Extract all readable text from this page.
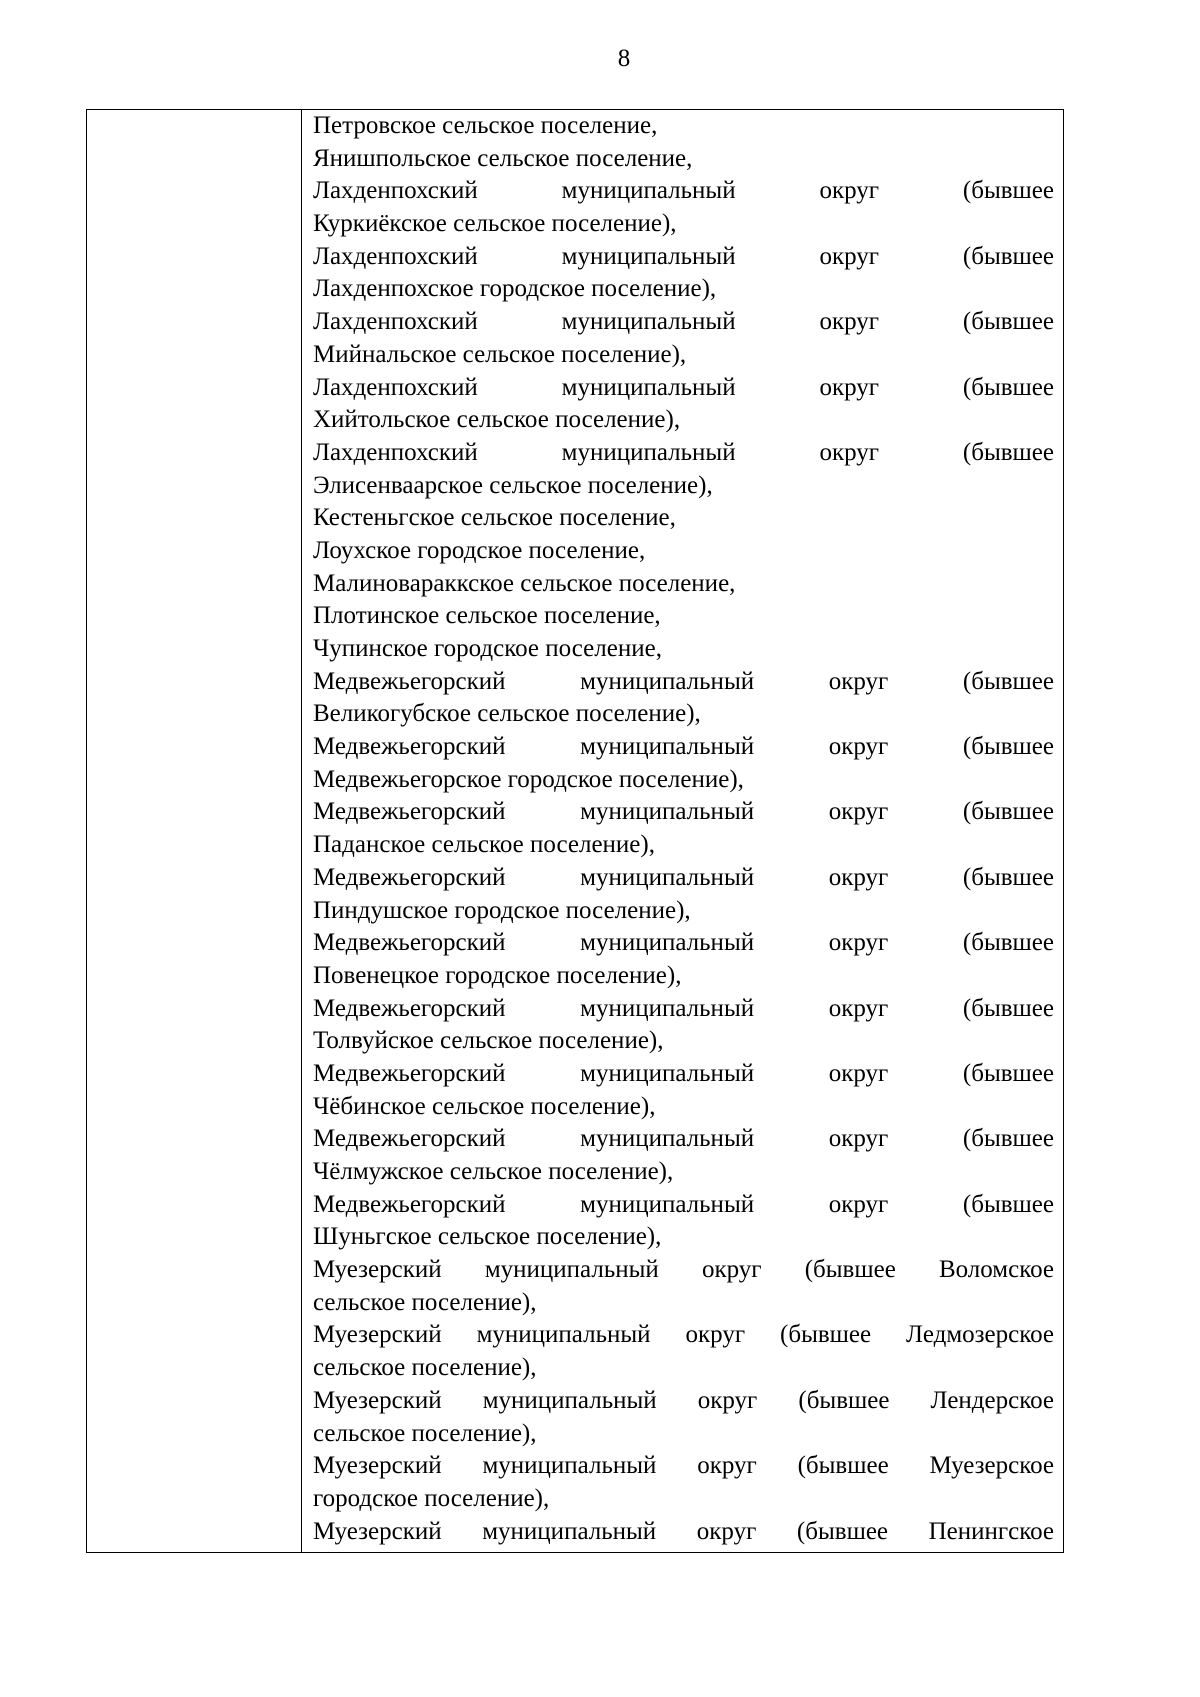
8
Петровское сельское поселение,
Янишпольское сельское поселение,
Лахденпохский муниципальный округ (бывшее
Куркиёкское сельское поселение),
Лахденпохский муниципальный округ (бывшее
Лахденпохское городское поселение),
Лахденпохский муниципальный округ (бывшее
Мийнальское сельское поселение),
Лахденпохский муниципальный округ (бывшее
Хийтольское сельское поселение),
Лахденпохский муниципальный округ (бывшее
Элисенваарское сельское поселение),
Кестеньгское сельское поселение,
Лоухское городское поселение,
Малиновараккское сельское поселение,
Плотинское сельское поселение,
Чупинское городское поселение,
Медвежьегорский муниципальный округ (бывшее
Великогубское сельское поселение),
Медвежьегорский муниципальный округ (бывшее
Медвежьегорское городское поселение),
Медвежьегорский муниципальный округ (бывшее
Паданское сельское поселение),
Медвежьегорский муниципальный округ (бывшее
Пиндушское городское поселение),
Медвежьегорский муниципальный округ (бывшее
Повенецкое городское поселение),
Медвежьегорский муниципальный округ (бывшее
Толвуйское сельское поселение),
Медвежьегорский муниципальный округ (бывшее
Чёбинское сельское поселение),
Медвежьегорский муниципальный округ (бывшее
Чёлмужское сельское поселение),
Медвежьегорский муниципальный округ (бывшее
Шуньгское сельское поселение),
Муезерский муниципальный округ (бывшее Воломское
сельское поселение),
Муезерский муниципальный округ (бывшее Ледмозерское
сельское поселение),
Муезерский муниципальный округ (бывшее Лендерское
сельское поселение),
Муезерский муниципальный округ (бывшее Муезерское
городское поселение),
Муезерский муниципальный округ (бывшее Пенингское
